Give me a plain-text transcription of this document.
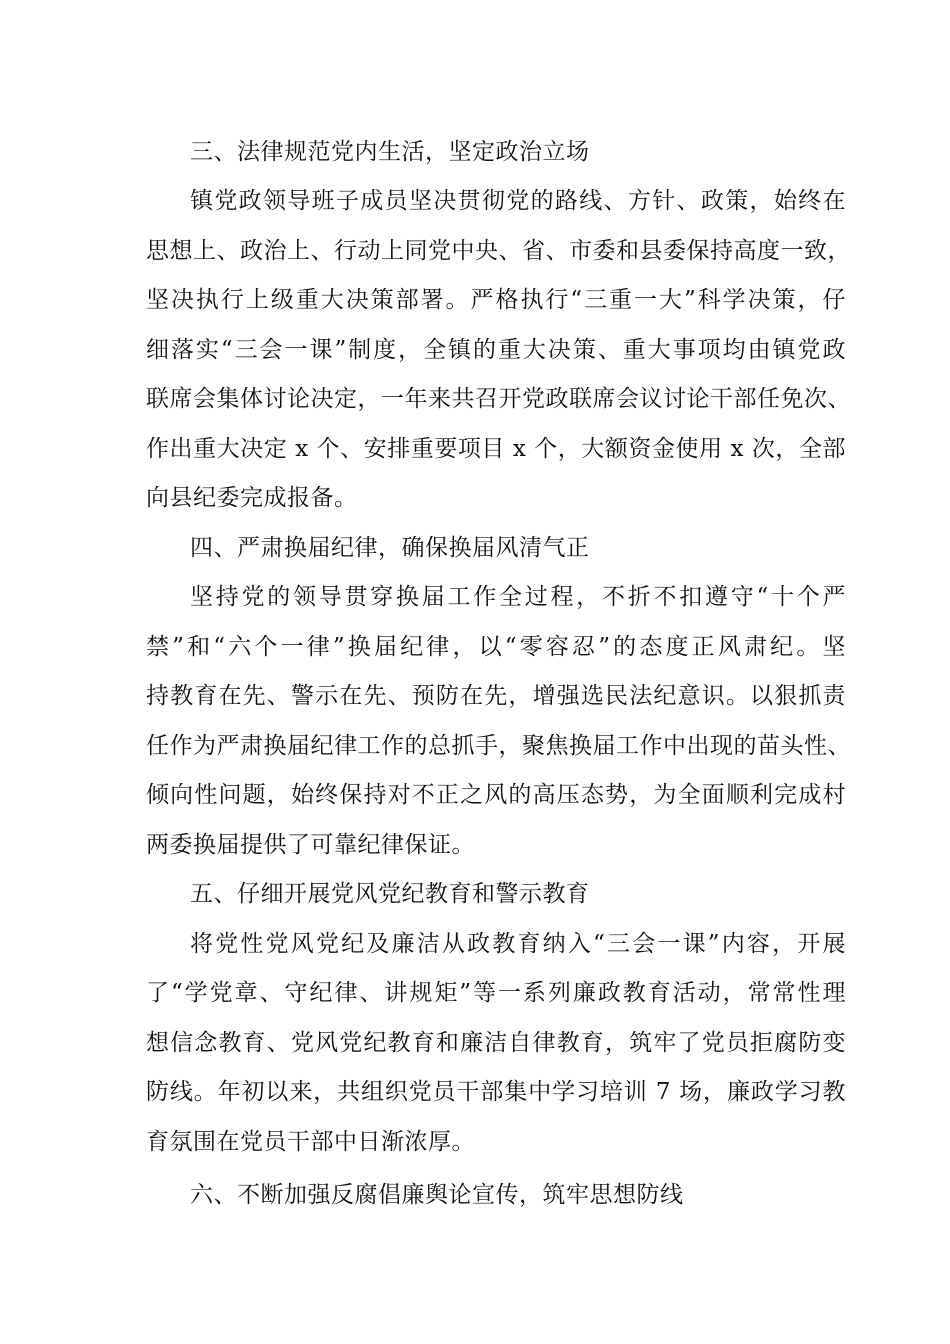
三、法律规范党内生活，坚定政治立场
镇党政领导班子成员坚决贯彻党的路线、方针、政策，始终在
思想上、政治上、行动上同党中央、省、市委和县委保持高度一致，
坚决执行上级重大决策部署。严格执行“三重一大”科学决策，仔
细落实“三会一课”制度，全镇的重大决策、重大事项均由镇党政
联席会集体讨论决定，一年来共召开党政联席会议讨论干部任免次、
作出重大决定 x 个、安排重要项目 x 个，大额资金使用 x 次，全部
向县纪委完成报备。
四、严肃换届纪律，确保换届风清气正
坚持党的领导贯穿换届工作全过程，不折不扣遵守“十个严
禁”和“六个一律”换届纪律，以“零容忍”的态度正风肃纪。坚
持教育在先、警示在先、预防在先，增强选民法纪意识。以狠抓责
任作为严肃换届纪律工作的总抓手，聚焦换届工作中出现的苗头性、
倾向性问题，始终保持对不正之风的高压态势，为全面顺利完成村
两委换届提供了可靠纪律保证。
五、仔细开展党风党纪教育和警示教育
将党性党风党纪及廉洁从政教育纳入“三会一课”内容，开展
了“学党章、守纪律、讲规矩”等一系列廉政教育活动，常常性理
想信念教育、党风党纪教育和廉洁自律教育，筑牢了党员拒腐防变
防线。年初以来，共组织党员干部集中学习培训 7 场，廉政学习教
育氛围在党员干部中日渐浓厚。
六、不断加强反腐倡廉舆论宣传，筑牢思想防线
